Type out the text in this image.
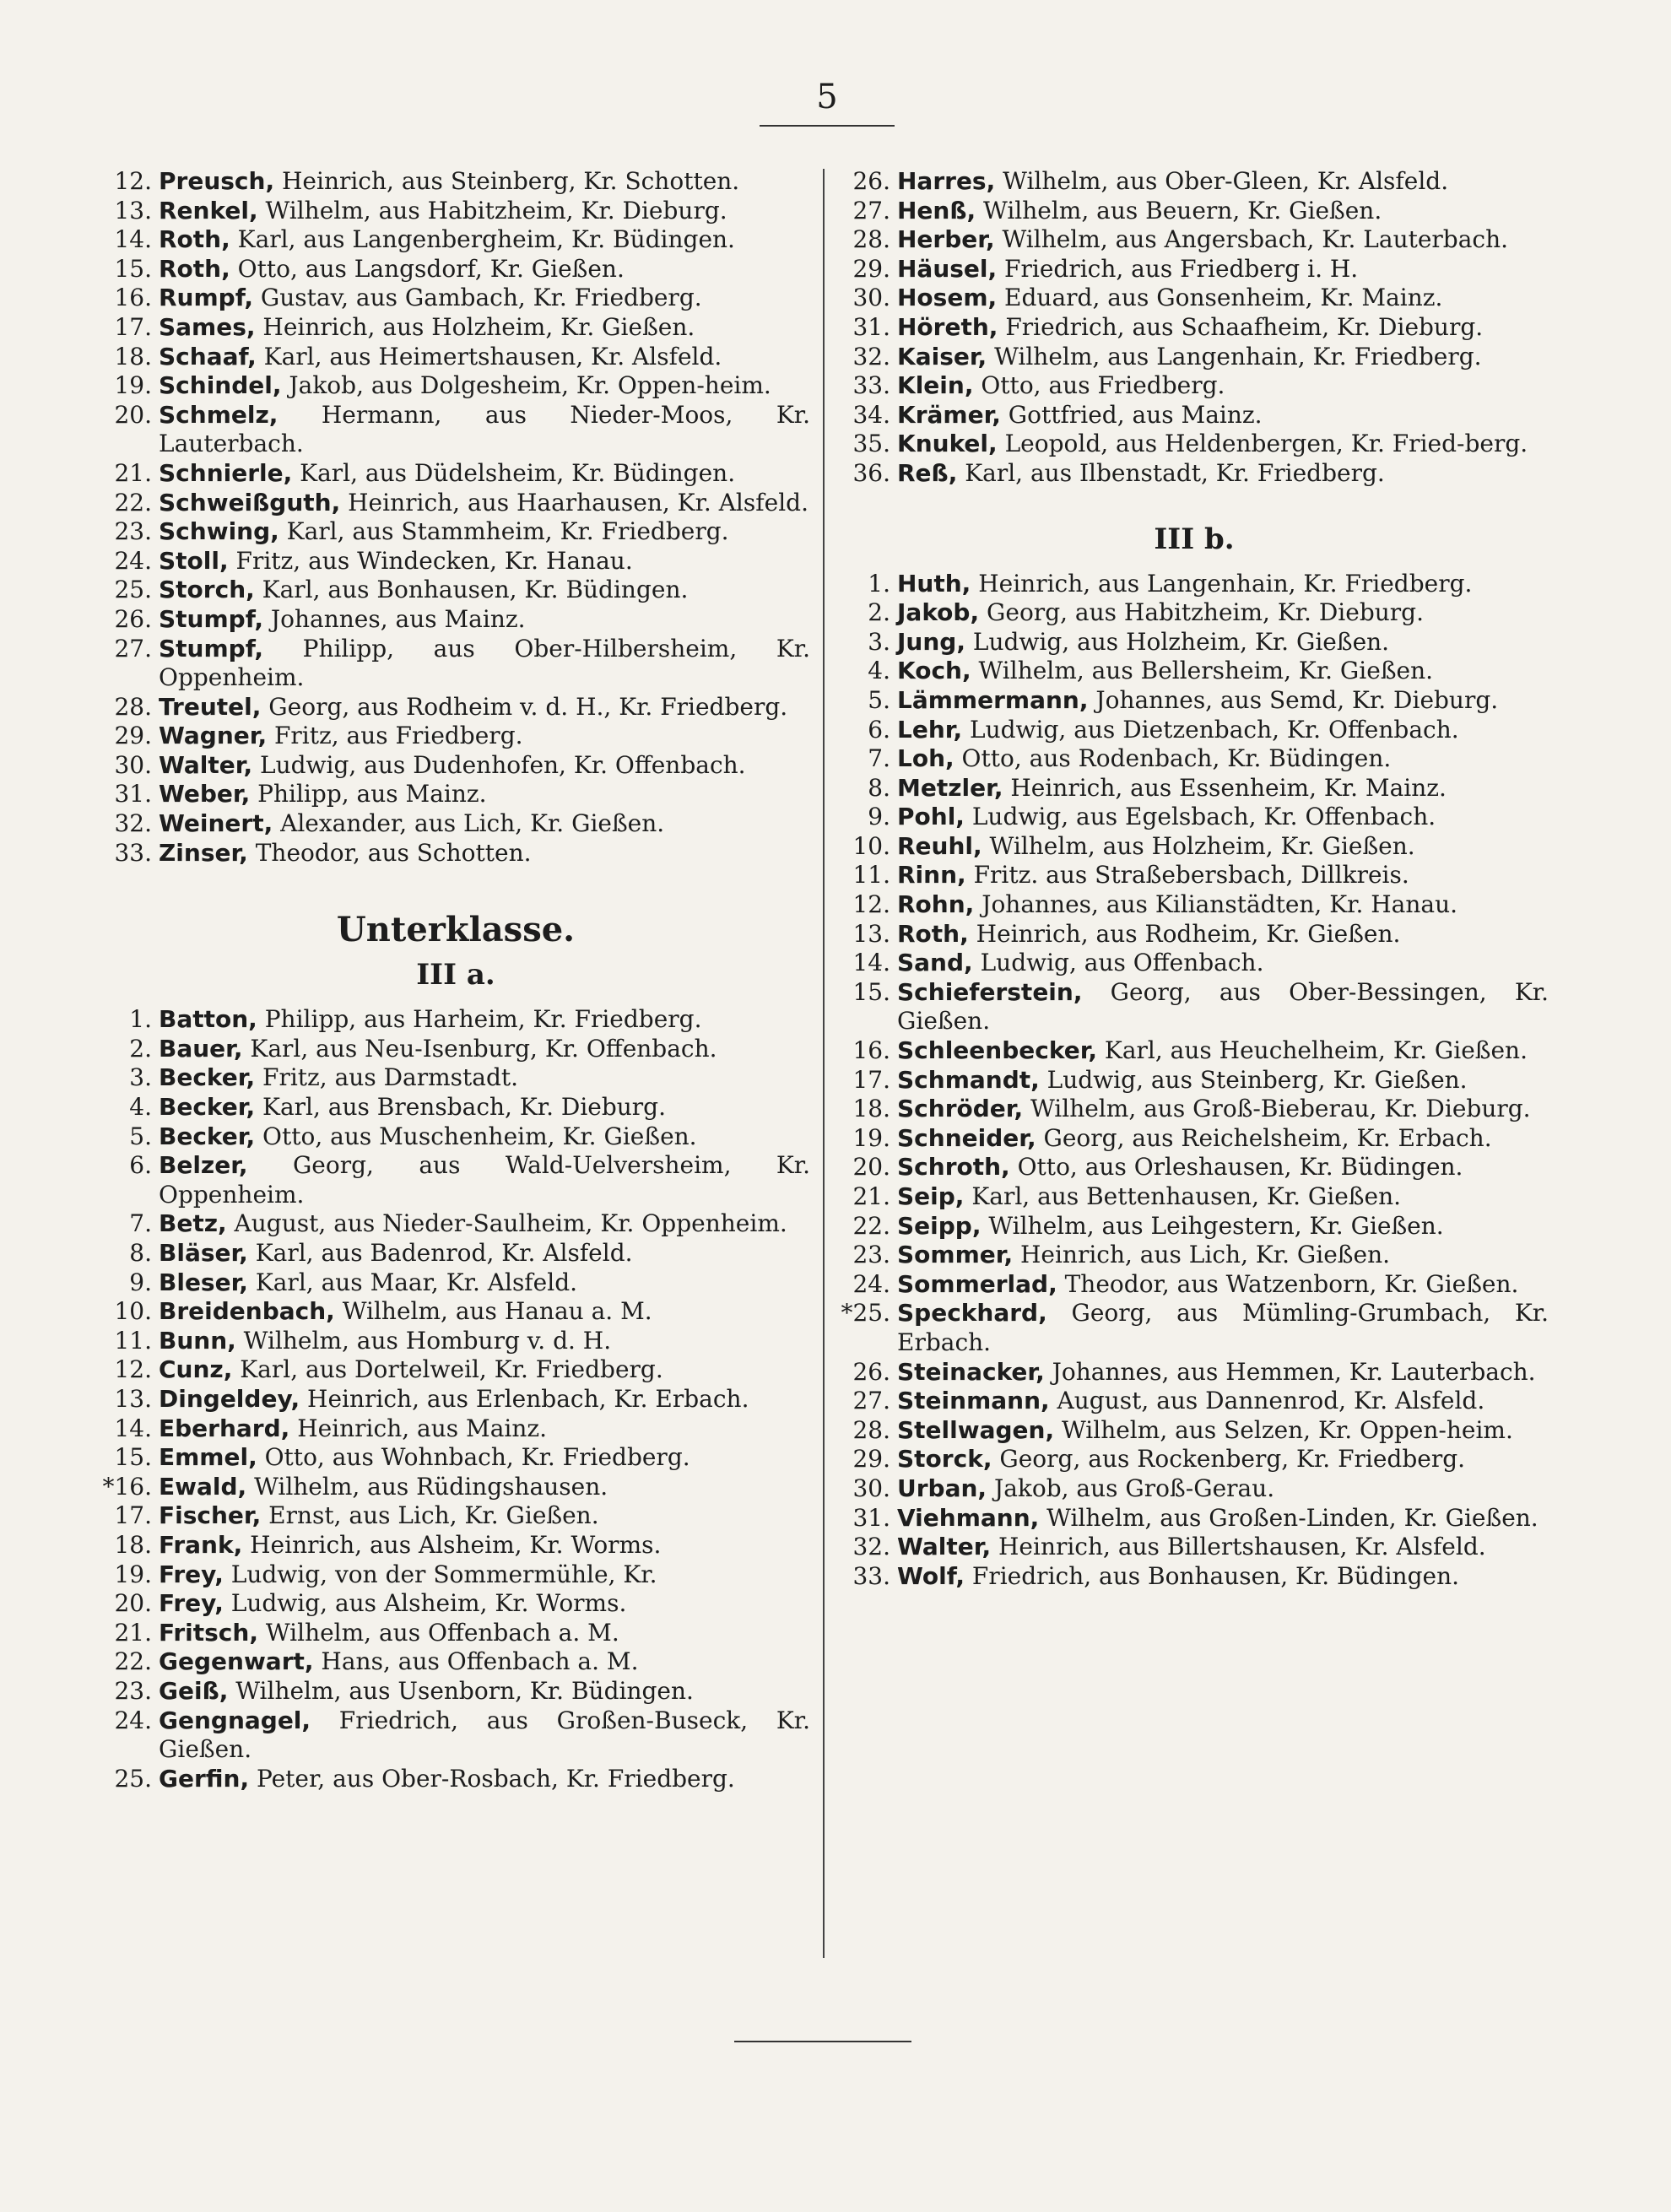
5
12. Preusch, Heinrich, aus Steinberg, Kr. Schotten.
13. Renkel, Wilhelm, aus Habitzheim, Kr. Dieburg.
14. Roth, Karl, aus Langenbergheim, Kr. Büdingen.
15. Roth, Otto, aus Langsdorf, Kr. Gießen.
16. Rumpf, Gustav, aus Gambach, Kr. Friedberg.
17. Sames, Heinrich, aus Holzheim, Kr. Gießen.
18. Schaaf, Karl, aus Heimertshausen, Kr. Alsfeld.
19. Schindel, Jakob, aus Dolgesheim, Kr. Oppen-heim.
20. Schmelz, Hermann, aus Nieder-Moos, Kr. Lauterbach.
21. Schnierle, Karl, aus Düdelsheim, Kr. Büdingen.
22. Schweißguth, Heinrich, aus Haarhausen, Kr. Alsfeld.
23. Schwing, Karl, aus Stammheim, Kr. Friedberg.
24. Stoll, Fritz, aus Windecken, Kr. Hanau.
25. Storch, Karl, aus Bonhausen, Kr. Büdingen.
26. Stumpf, Johannes, aus Mainz.
27. Stumpf, Philipp, aus Ober-Hilbersheim, Kr. Oppenheim.
28. Treutel, Georg, aus Rodheim v. d. H., Kr. Friedberg.
29. Wagner, Fritz, aus Friedberg.
30. Walter, Ludwig, aus Dudenhofen, Kr. Offenbach.
31. Weber, Philipp, aus Mainz.
32. Weinert, Alexander, aus Lich, Kr. Gießen.
33. Zinser, Theodor, aus Schotten.
Unterklasse.
III a.
1. Batton, Philipp, aus Harheim, Kr. Friedberg.
2. Bauer, Karl, aus Neu-Isenburg, Kr. Offenbach.
3. Becker, Fritz, aus Darmstadt.
4. Becker, Karl, aus Brensbach, Kr. Dieburg.
5. Becker, Otto, aus Muschenheim, Kr. Gießen.
6. Belzer, Georg, aus Wald-Uelversheim, Kr. Oppenheim.
7. Betz, August, aus Nieder-Saulheim, Kr. Oppenheim.
8. Bläser, Karl, aus Badenrod, Kr. Alsfeld.
9. Bleser, Karl, aus Maar, Kr. Alsfeld.
10. Breidenbach, Wilhelm, aus Hanau a. M.
11. Bunn, Wilhelm, aus Homburg v. d. H.
12. Cunz, Karl, aus Dortelweil, Kr. Friedberg.
13. Dingeldey, Heinrich, aus Erlenbach, Kr. Erbach.
14. Eberhard, Heinrich, aus Mainz.
15. Emmel, Otto, aus Wohnbach, Kr. Friedberg.
*16. Ewald, Wilhelm, aus Rüdingshausen.
17. Fischer, Ernst, aus Lich, Kr. Gießen.
18. Frank, Heinrich, aus Alsheim, Kr. Worms.
19. Frey, Ludwig, von der Sommermühle, Kr.
20. Frey, Ludwig, aus Alsheim, Kr. Worms.
21. Fritsch, Wilhelm, aus Offenbach a. M.
22. Gegenwart, Hans, aus Offenbach a. M.
23. Geiß, Wilhelm, aus Usenborn, Kr. Büdingen.
24. Gengnagel, Friedrich, aus Großen-Buseck, Kr. Gießen.
25. Gerfin, Peter, aus Ober-Rosbach, Kr. Friedberg.
26. Harres, Wilhelm, aus Ober-Gleen, Kr. Alsfeld.
27. Henß, Wilhelm, aus Beuern, Kr. Gießen.
28. Herber, Wilhelm, aus Angersbach, Kr. Lauterbach.
29. Häusel, Friedrich, aus Friedberg i. H.
30. Hosem, Eduard, aus Gonsenheim, Kr. Mainz.
31. Höreth, Friedrich, aus Schaafheim, Kr. Dieburg.
32. Kaiser, Wilhelm, aus Langenhain, Kr. Friedberg.
33. Klein, Otto, aus Friedberg.
34. Krämer, Gottfried, aus Mainz.
35. Knukel, Leopold, aus Heldenbergen, Kr. Fried-berg.
36. Reß, Karl, aus Ilbenstadt, Kr. Friedberg.
III b.
1. Huth, Heinrich, aus Langenhain, Kr. Friedberg.
2. Jakob, Georg, aus Habitzheim, Kr. Dieburg.
3. Jung, Ludwig, aus Holzheim, Kr. Gießen.
4. Koch, Wilhelm, aus Bellersheim, Kr. Gießen.
5. Lämmermann, Johannes, aus Semd, Kr. Dieburg.
6. Lehr, Ludwig, aus Dietzenbach, Kr. Offenbach.
7. Loh, Otto, aus Rodenbach, Kr. Büdingen.
8. Metzler, Heinrich, aus Essenheim, Kr. Mainz.
9. Pohl, Ludwig, aus Egelsbach, Kr. Offenbach.
10. Reuhl, Wilhelm, aus Holzheim, Kr. Gießen.
11. Rinn, Fritz. aus Straßebersbach, Dillkreis.
12. Rohn, Johannes, aus Kilianstädten, Kr. Hanau.
13. Roth, Heinrich, aus Rodheim, Kr. Gießen.
14. Sand, Ludwig, aus Offenbach.
15. Schieferstein, Georg, aus Ober-Bessingen, Kr. Gießen.
16. Schleenbecker, Karl, aus Heuchelheim, Kr. Gießen.
17. Schmandt, Ludwig, aus Steinberg, Kr. Gießen.
18. Schröder, Wilhelm, aus Groß-Bieberau, Kr. Dieburg.
19. Schneider, Georg, aus Reichelsheim, Kr. Erbach.
20. Schroth, Otto, aus Orleshausen, Kr. Büdingen.
21. Seip, Karl, aus Bettenhausen, Kr. Gießen.
22. Seipp, Wilhelm, aus Leihgestern, Kr. Gießen.
23. Sommer, Heinrich, aus Lich, Kr. Gießen.
24. Sommerlad, Theodor, aus Watzenborn, Kr. Gießen.
*25. Speckhard, Georg, aus Mümling-Grumbach, Kr. Erbach.
26. Steinacker, Johannes, aus Hemmen, Kr. Lauterbach.
27. Steinmann, August, aus Dannenrod, Kr. Alsfeld.
28. Stellwagen, Wilhelm, aus Selzen, Kr. Oppen-heim.
29. Storck, Georg, aus Rockenberg, Kr. Friedberg.
30. Urban, Jakob, aus Groß-Gerau.
31. Viehmann, Wilhelm, aus Großen-Linden, Kr. Gießen.
32. Walter, Heinrich, aus Billertshausen, Kr. Alsfeld.
33. Wolf, Friedrich, aus Bonhausen, Kr. Büdingen.
